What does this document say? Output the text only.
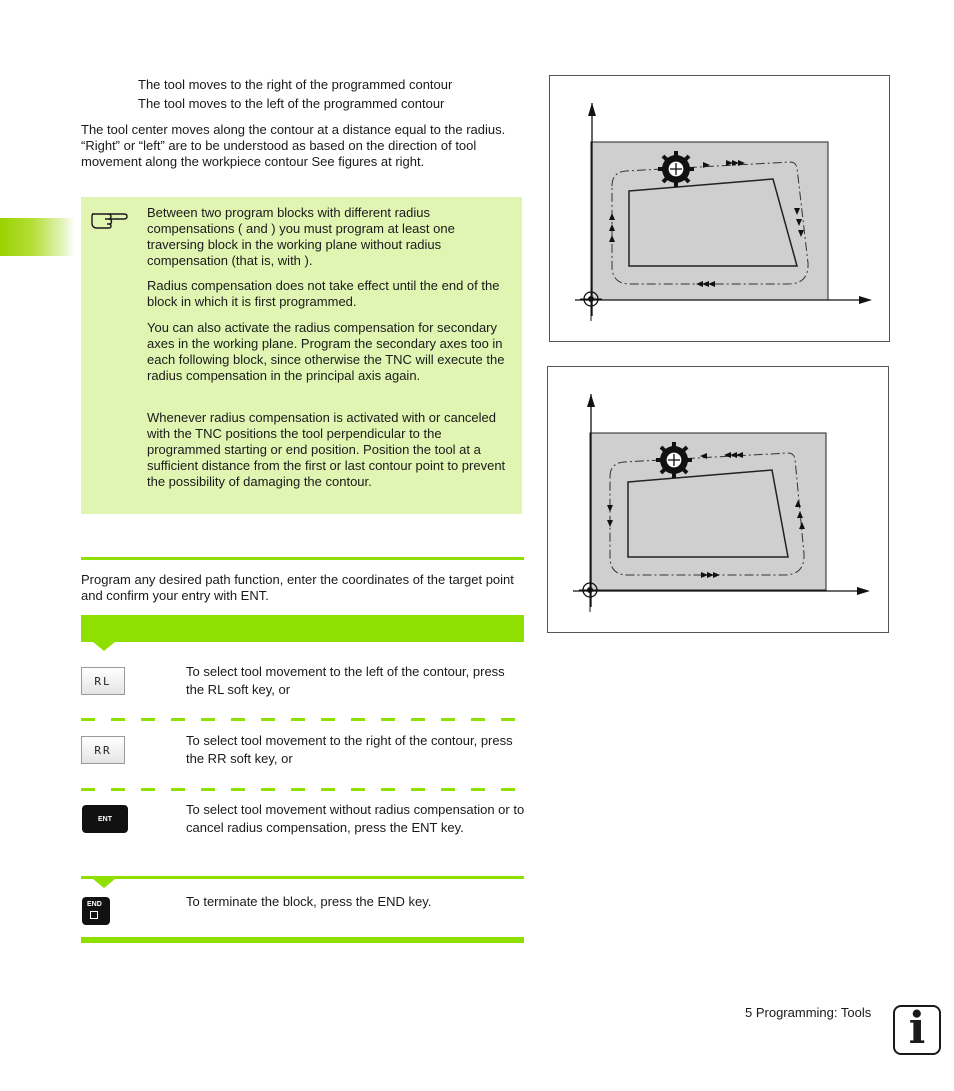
The tool moves to the right of the programmed contour
The tool moves to the left of the programmed contour
The tool center moves along the contour at a distance equal to the radius. “Right” or “left” are to be understood as based on the direction of tool movement along the workpiece contour See figures at right.
Between two program blocks with different radius compensations ( and ) you must program at least one traversing block in the working plane without radius compensation (that is, with ).
Radius compensation does not take effect until the end of the block in which it is first programmed.
You can also activate the radius compensation for secondary axes in the working plane. Program the secondary axes too in each following block, since otherwise the TNC will execute the radius compensation in the principal axis again.
Whenever radius compensation is activated with or canceled with the TNC positions the tool perpendicular to the programmed starting or end position. Position the tool at a sufficient distance from the first or last contour point to prevent the possibility of damaging the contour.
Program any desired path function, enter the coordinates of the target point and confirm your entry with ENT.
RL
To select tool movement to the left of the contour, press the RL soft key, or
RR
To select tool movement to the right of the contour, press the RR soft key, or
ENT
To select tool movement without radius compensation or to cancel radius compensation, press the ENT key.
END	To terminate the block, press the END key.
5 Programming: Tools i
